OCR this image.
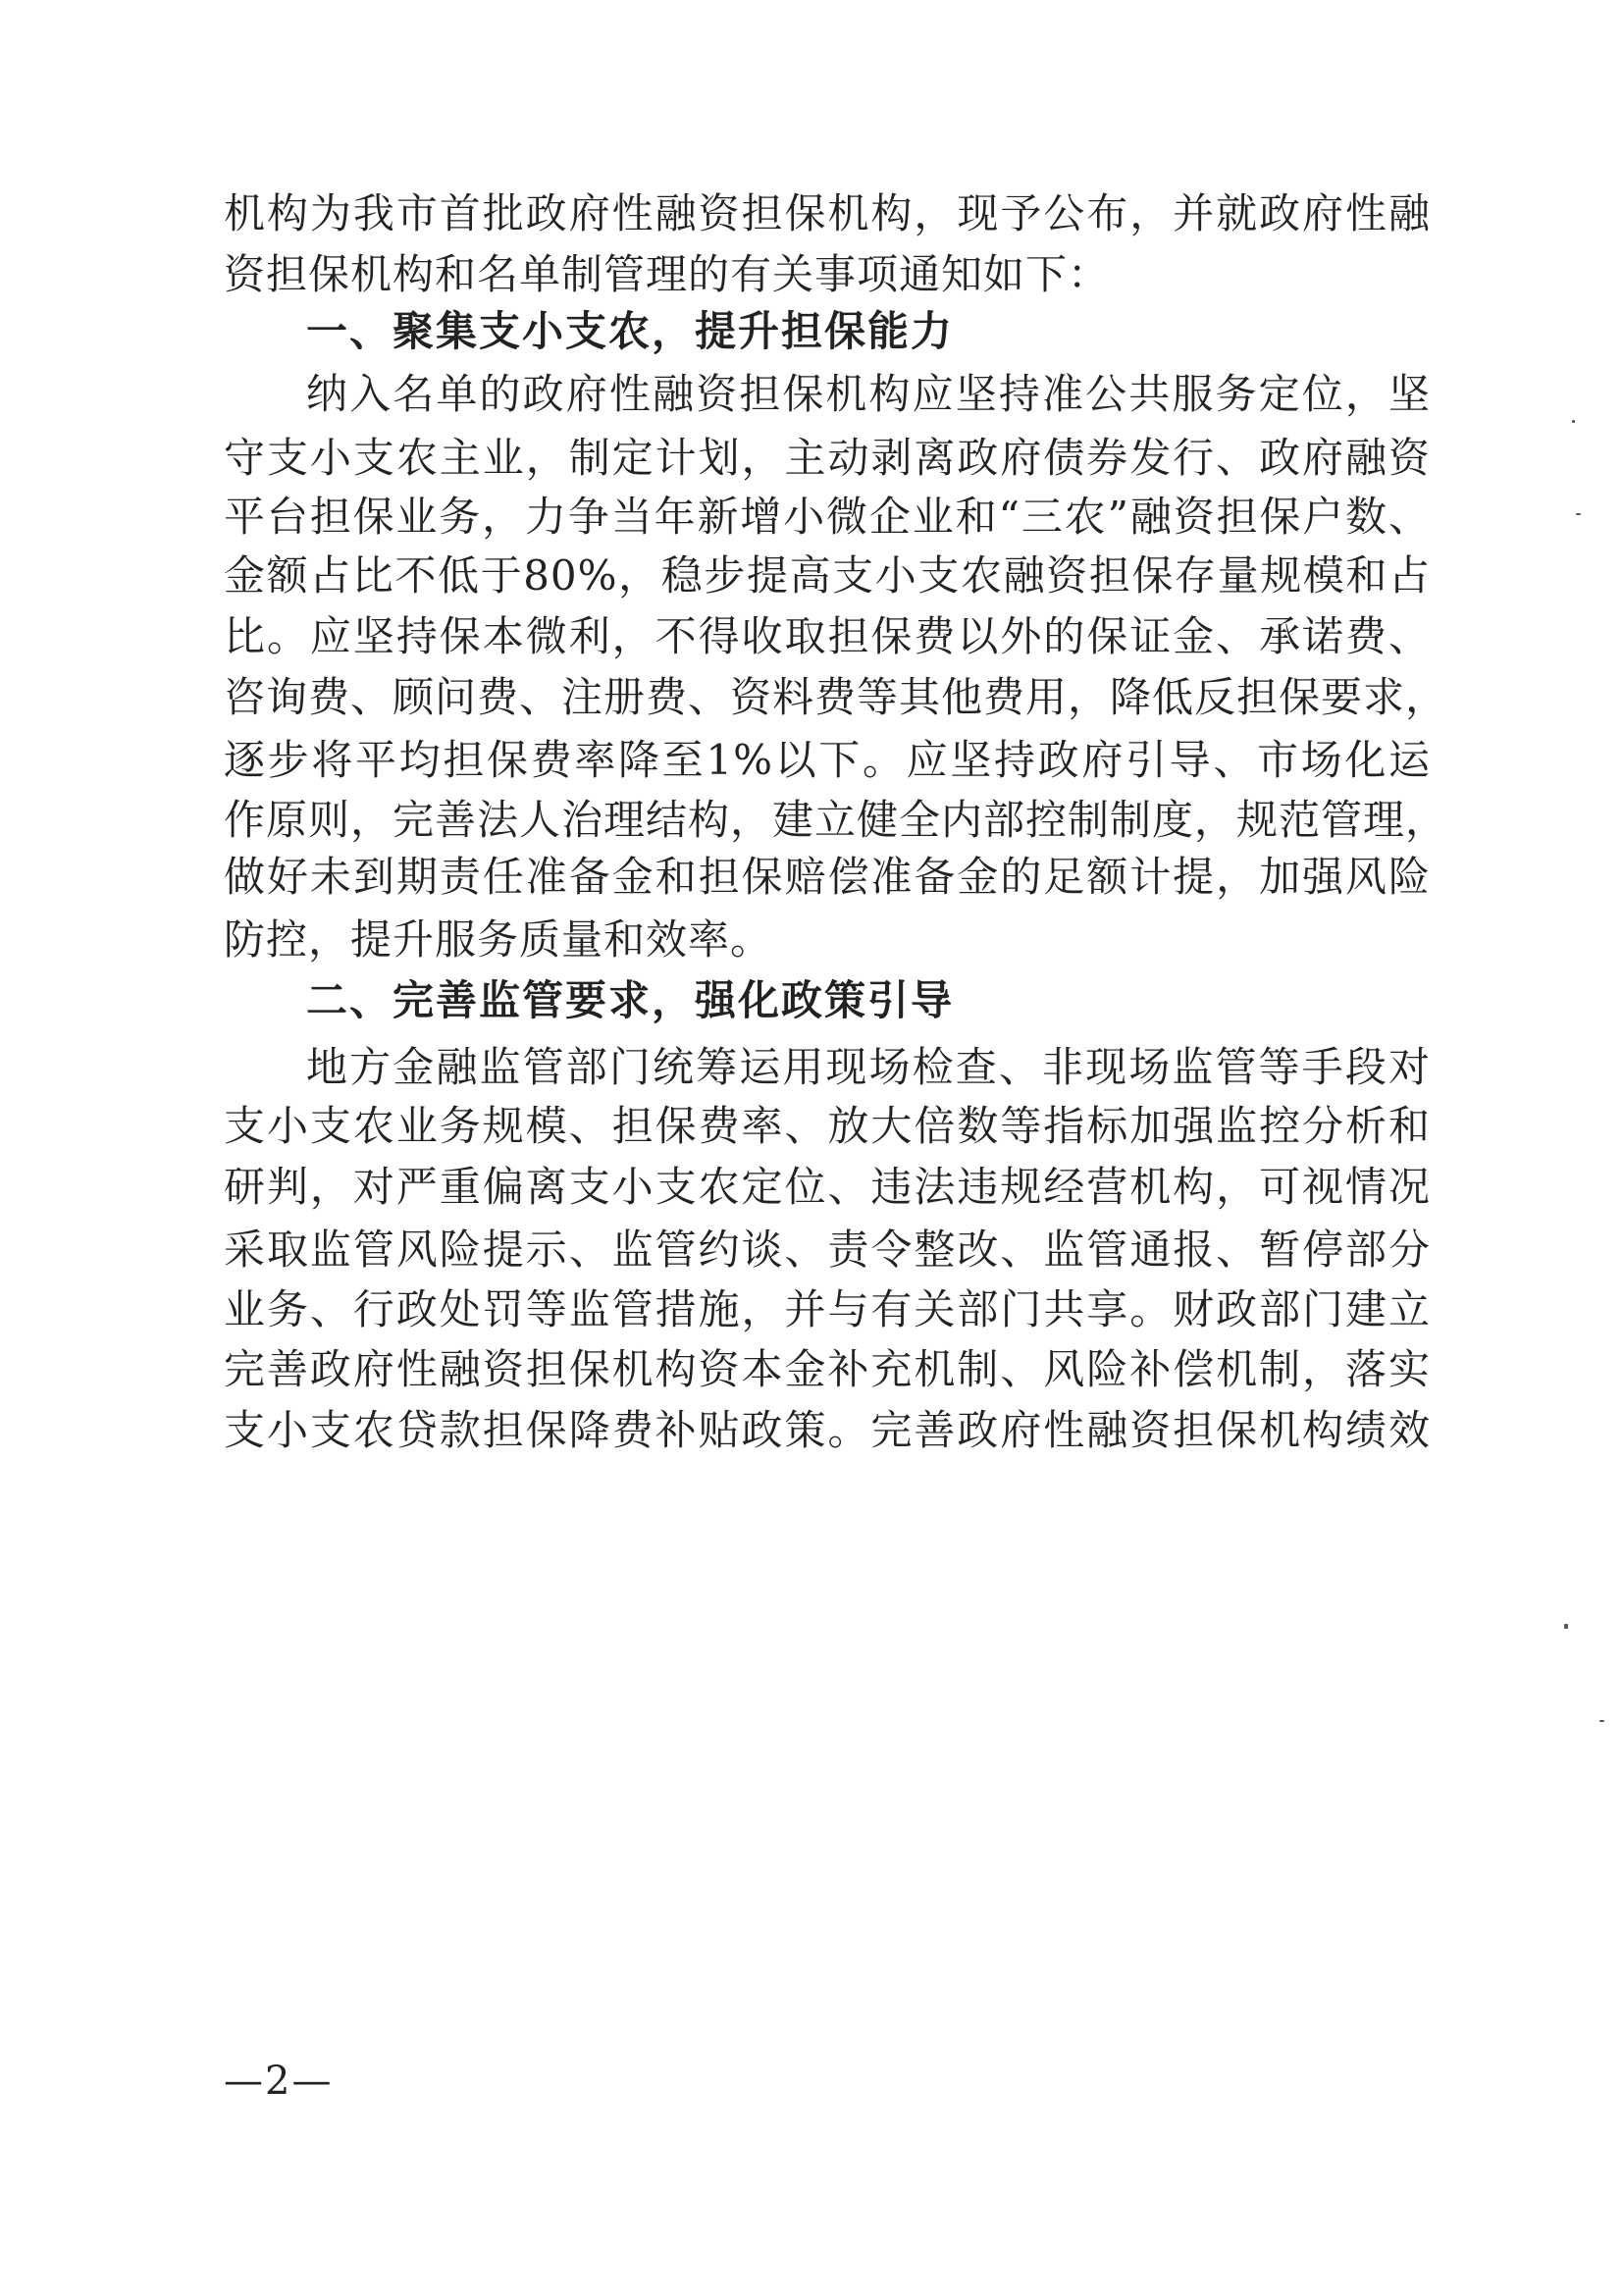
机构为我市首批政府性融资担保机构，现予公布，并就政府性融
资担保机构和名单制管理的有关事项通知如下：
一、聚集支小支农，提升担保能力
纳入名单的政府性融资担保机构应坚持准公共服务定位，坚
守支小支农主业，制定计划，主动剥离政府债券发行、政府融资
平台担保业务，力争当年新增小微企业和“三农”融资担保户数、
金额占比不低于80%，稳步提高支小支农融资担保存量规模和占
比。应坚持保本微利，不得收取担保费以外的保证金、承诺费、
咨询费、顾问费、注册费、资料费等其他费用，降低反担保要求，
逐步将平均担保费率降至1%以下。应坚持政府引导、市场化运
作原则，完善法人治理结构，建立健全内部控制制度，规范管理，
做好未到期责任准备金和担保赔偿准备金的足额计提，加强风险
防控，提升服务质量和效率。
二、完善监管要求，强化政策引导
地方金融监管部门统筹运用现场检查、非现场监管等手段对
支小支农业务规模、担保费率、放大倍数等指标加强监控分析和
研判，对严重偏离支小支农定位、违法违规经营机构，可视情况
采取监管风险提示、监管约谈、责令整改、监管通报、暂停部分
业务、行政处罚等监管措施，并与有关部门共享。财政部门建立
完善政府性融资担保机构资本金补充机制、风险补偿机制，落实
支小支农贷款担保降费补贴政策。完善政府性融资担保机构绩效
—2—
